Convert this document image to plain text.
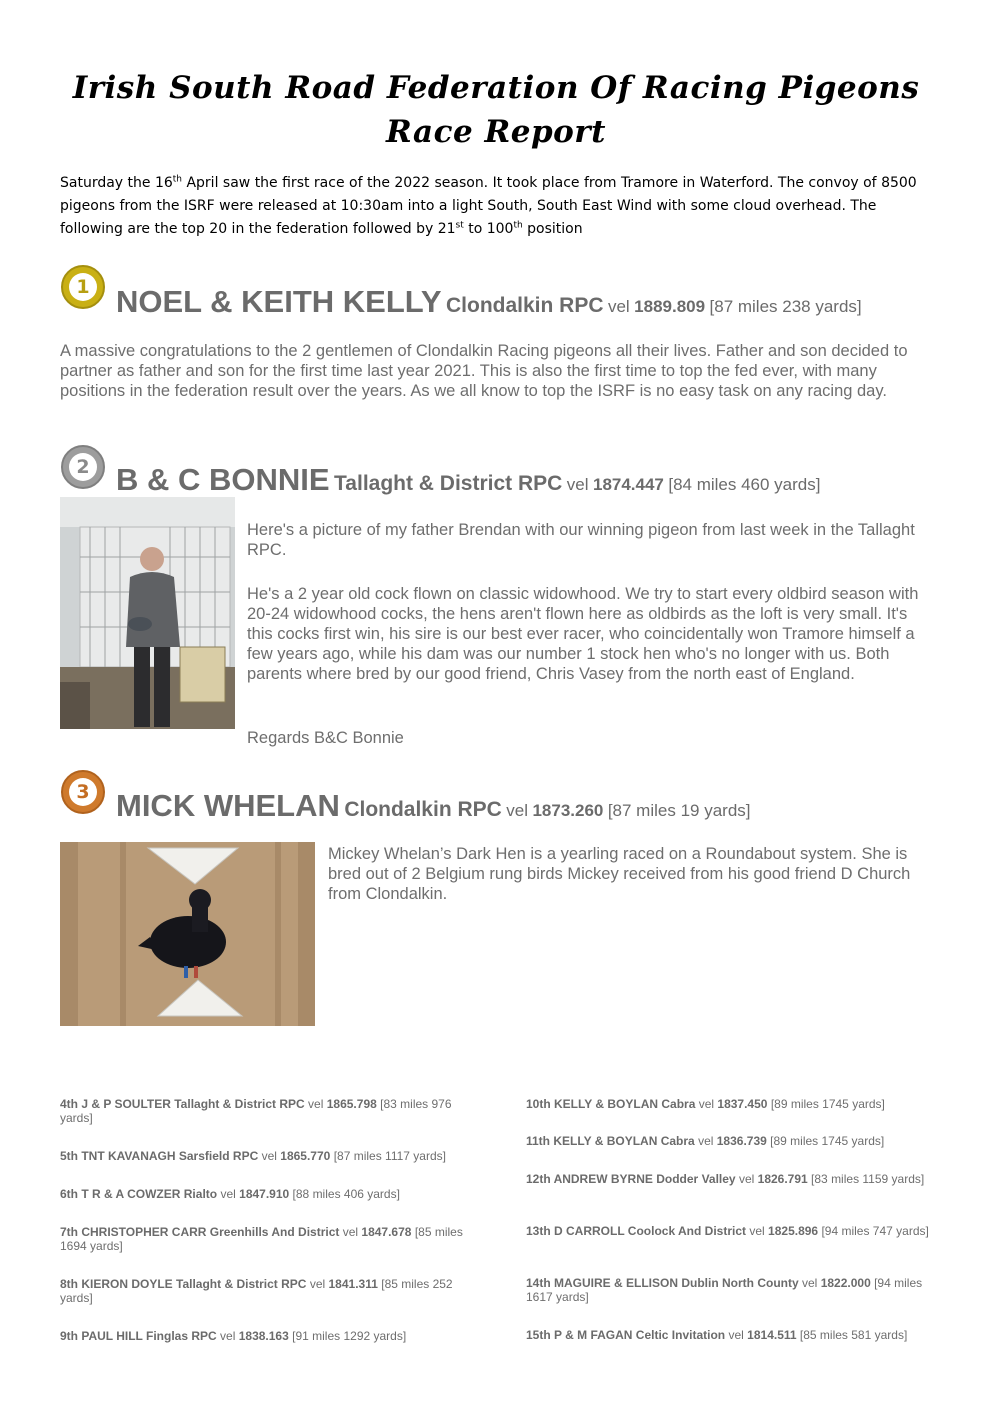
Irish South Road Federation Of Racing Pigeons
Race Report
Saturday the 16th April saw the first race of the 2022 season. It took place from Tramore in Waterford. The convoy of 8500 pigeons from the ISRF were released at 10:30am into a light South, South East Wind with some cloud overhead. The following are the top 20 in the federation followed by 21st to 100th position
1 NOEL & KEITH KELLY Clondalkin RPC vel 1889.809 [87 miles 238 yards]
A massive congratulations to the 2 gentlemen of Clondalkin Racing pigeons all their lives. Father and son decided to partner as father and son for the first time last year 2021. This is also the first time to top the fed ever, with many positions in the federation result over the years. As we all know to top the ISRF is no easy task on any racing day.
2 B & C BONNIE Tallaght & District RPC vel 1874.447 [84 miles 460 yards]
Here's a picture of my father Brendan with our winning pigeon from last week in the Tallaght RPC.
He's a 2 year old cock flown on classic widowhood. We try to start every oldbird season with 20-24 widowhood cocks, the hens aren't flown here as oldbirds as the loft is very small. It's this cocks first win, his sire is our best ever racer, who coincidentally won Tramore himself a few years ago, while his dam was our number 1 stock hen who's no longer with us. Both parents where bred by our good friend, Chris Vasey from the north east of England.
Regards B&C Bonnie
3 MICK WHELAN Clondalkin RPC vel 1873.260 [87 miles 19 yards]
Mickey Whelan’s Dark Hen is a yearling raced on a Roundabout system. She is bred out of 2 Belgium rung birds Mickey received from his good friend D Church from Clondalkin.
4th J & P SOULTER Tallaght & District RPC vel 1865.798 [83 miles 976 yards]
5th TNT KAVANAGH Sarsfield RPC vel 1865.770 [87 miles 1117 yards]
6th T R & A COWZER Rialto vel 1847.910 [88 miles 406 yards]
7th CHRISTOPHER CARR Greenhills And District vel 1847.678 [85 miles 1694 yards]
8th KIERON DOYLE Tallaght & District RPC vel 1841.311 [85 miles 252 yards]
9th PAUL HILL Finglas RPC vel 1838.163 [91 miles 1292 yards]
10th KELLY & BOYLAN Cabra vel 1837.450 [89 miles 1745 yards]
11th KELLY & BOYLAN Cabra vel 1836.739 [89 miles 1745 yards]
12th ANDREW BYRNE Dodder Valley vel 1826.791 [83 miles 1159 yards]
13th D CARROLL Coolock And District vel 1825.896 [94 miles 747 yards]
14th MAGUIRE & ELLISON Dublin North County vel 1822.000 [94 miles 1617 yards]
15th P & M FAGAN Celtic Invitation vel 1814.511 [85 miles 581 yards]
